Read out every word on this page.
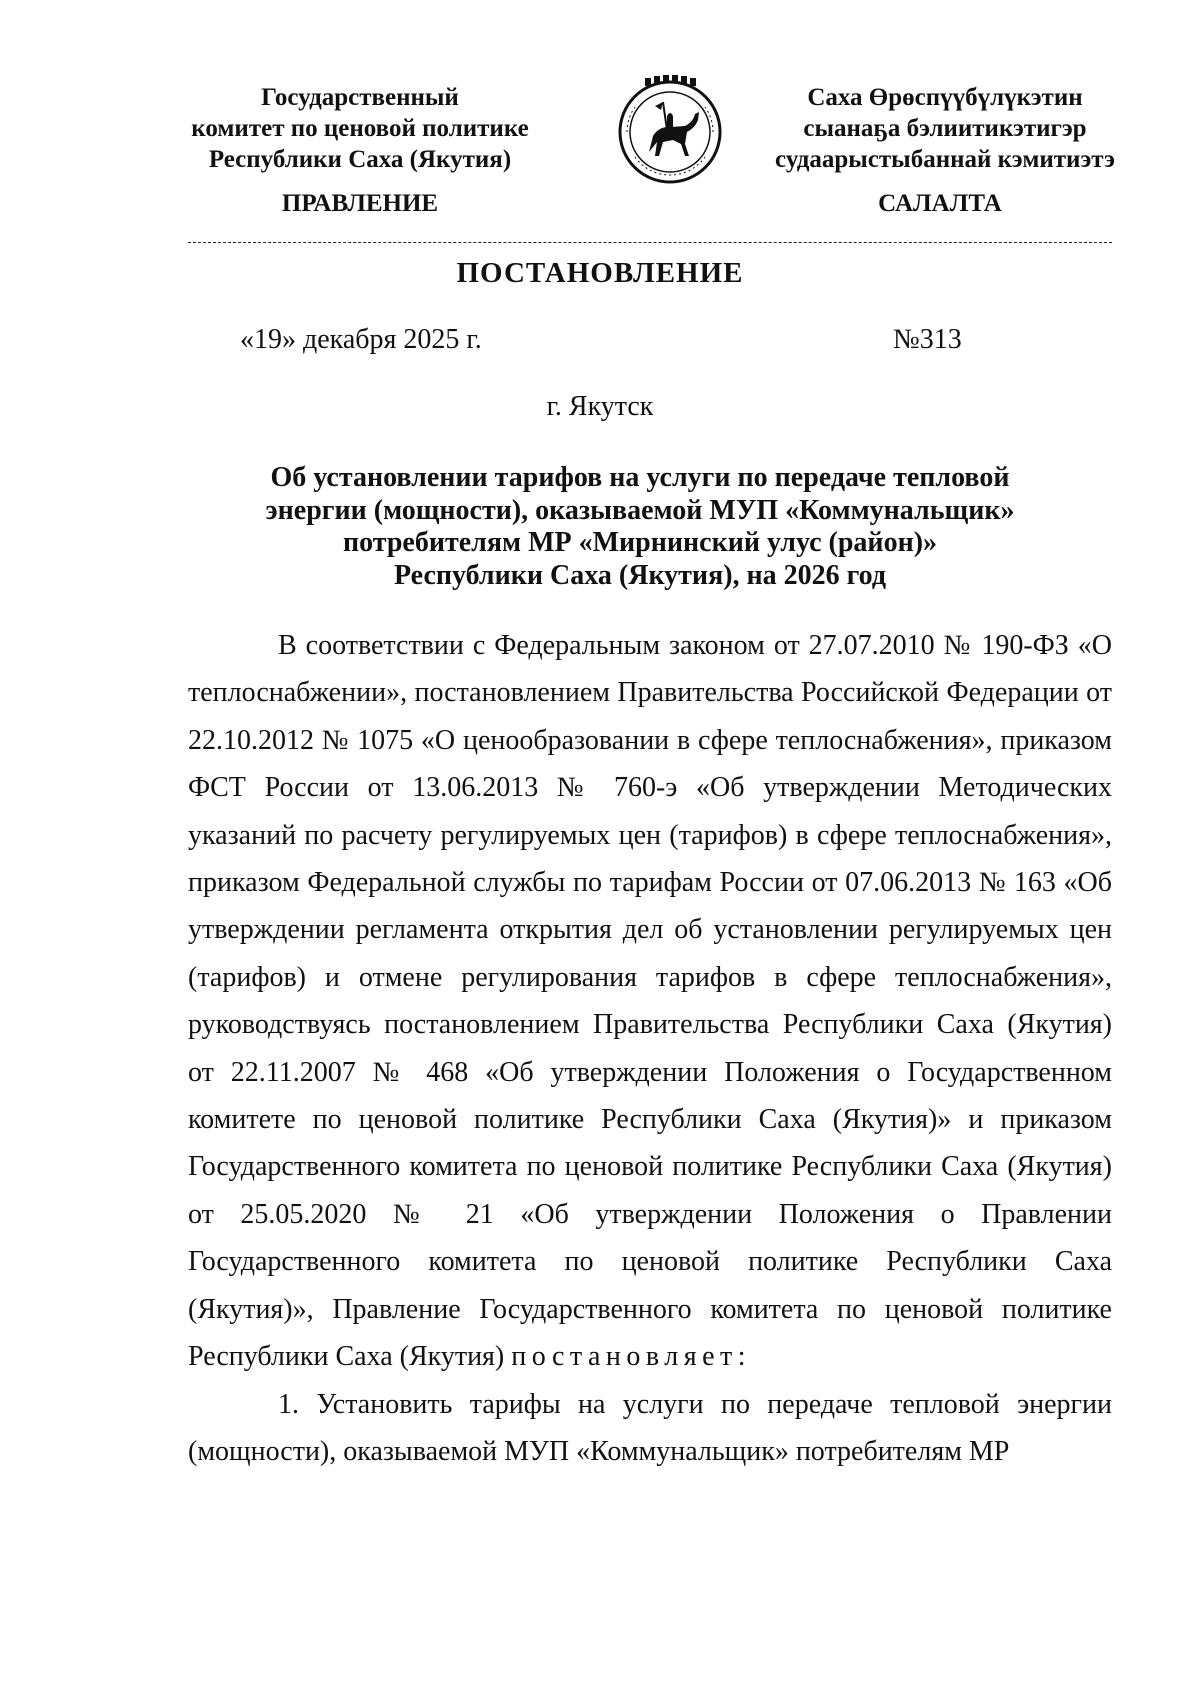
Государственный
комитет по ценовой политике
Республики Саха (Якутия)
Саха Өрөспүүбүлүкэтин
сыанаҕа бэлиитикэтигэр
судаарыстыбаннай кэмитиэтэ
ПРАВЛЕНИЕ	САЛАЛТА
ПОСТАНОВЛЕНИЕ
«19» декабря 2025 г.	№313
г. Якутск
Об установлении тарифов на услуги по передаче тепловой
энергии (мощности), оказываемой МУП «Коммунальщик»
потребителям МР «Мирнинский улус (район)»
Республики Саха (Якутия), на 2026 год

В соответствии с Федеральным законом от 27.07.2010 № 190-ФЗ «О теплоснабжении», постановлением Правительства Российской Федерации от 22.10.2012 № 1075 «О ценообразовании в сфере теплоснабжения», приказом ФСТ России от 13.06.2013 № 760-э «Об утверждении Методических указаний по расчету регулируемых цен (тарифов) в сфере теплоснабжения», приказом Федеральной службы по тарифам России от 07.06.2013 № 163 «Об утверждении регламента открытия дел об установлении регулируемых цен (тарифов) и отмене регулирования тарифов в сфере теплоснабжения», руководствуясь постановлением Правительства Республики Саха (Якутия) от 22.11.2007 № 468 «Об утверждении Положения о Государственном комитете по ценовой политике Республики Саха (Якутия)» и приказом Государственного комитета по ценовой политике Республики Саха (Якутия) от 25.05.2020 № 21 «Об утверждении Положения о Правлении Государственного комитета по ценовой политике Республики Саха (Якутия)», Правление Государственного комитета по ценовой политике Республики Саха (Якутия) постановляет:

1. Установить тарифы на услуги по передаче тепловой энергии (мощности), оказываемой МУП «Коммунальщик» потребителям МР
